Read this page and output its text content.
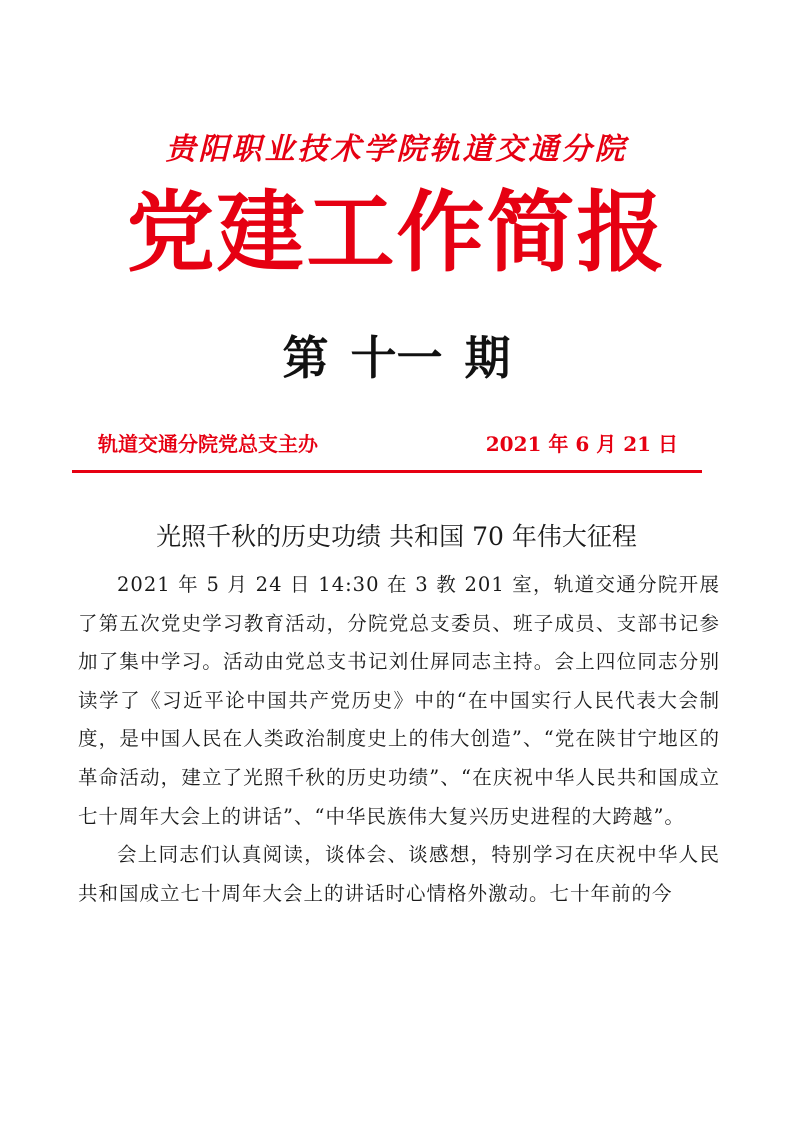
贵阳职业技术学院轨道交通分院
党建工作简报
第 十一 期
轨道交通分院党总支主办	2021 年 6 月 21 日
光照千秋的历史功绩 共和国 70 年伟大征程

2021 年 5 月 24 日 14:30 在 3 教 201 室，轨道交通分院开展了第五次党史学习教育活动，分院党总支委员、班子成员、支部书记参加了集中学习。活动由党总支书记刘仕屏同志主持。会上四位同志分别读学了《习近平论中国共产党历史》中的“在中国实行人民代表大会制度，是中国人民在人类政治制度史上的伟大创造”、“党在陕甘宁地区的革命活动，建立了光照千秋的历史功绩”、“在庆祝中华人民共和国成立七十周年大会上的讲话”、“中华民族伟大复兴历史进程的大跨越”。

会上同志们认真阅读，谈体会、谈感想，特别学习在庆祝中华人民共和国成立七十周年大会上的讲话时心情格外激动。七十年前的今
